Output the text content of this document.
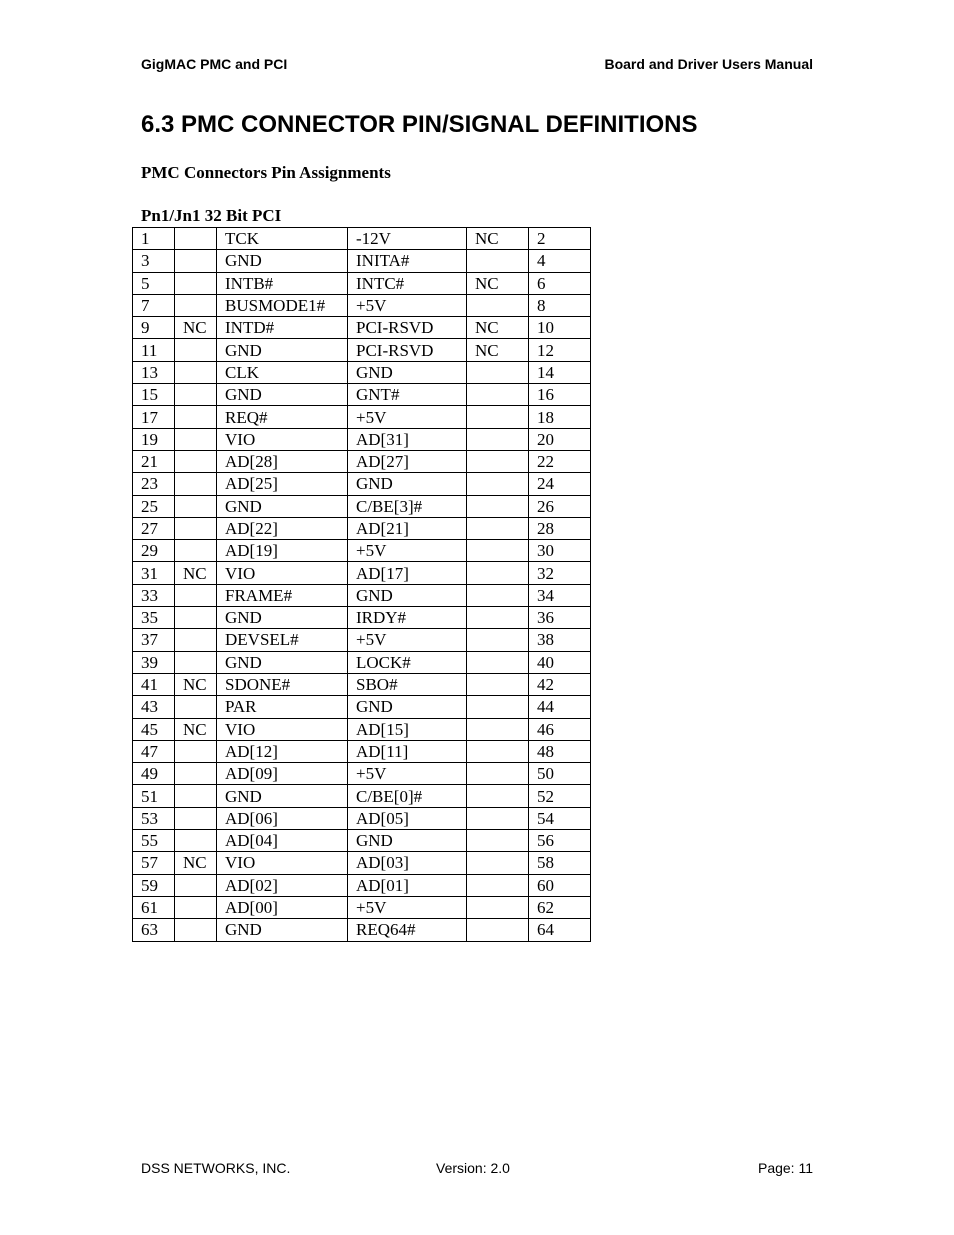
GigMAC PMC and PCI	Board and Driver Users Manual
6.3 PMC CONNECTOR PIN/SIGNAL DEFINITIONS
PMC Connectors Pin Assignments
Pn1/Jn1 32 Bit PCI
1		TCK	-12V	NC	2
3		GND	INITA#		4
5		INTB#	INTC#	NC	6
7		BUSMODE1#	+5V		8
9	NC	INTD#	PCI-RSVD	NC	10
11		GND	PCI-RSVD	NC	12
13		CLK	GND		14
15		GND	GNT#		16
17		REQ#	+5V		18
19		VIO	AD[31]		20
21		AD[28]	AD[27]		22
23		AD[25]	GND		24
25		GND	C/BE[3]#		26
27		AD[22]	AD[21]		28
29		AD[19]	+5V		30
31	NC	VIO	AD[17]		32
33		FRAME#	GND		34
35		GND	IRDY#		36
37		DEVSEL#	+5V		38
39		GND	LOCK#		40
41	NC	SDONE#	SBO#		42
43		PAR	GND		44
45	NC	VIO	AD[15]		46
47		AD[12]	AD[11]		48
49		AD[09]	+5V		50
51		GND	C/BE[0]#		52
53		AD[06]	AD[05]		54
55		AD[04]	GND		56
57	NC	VIO	AD[03]		58
59		AD[02]	AD[01]		60
61		AD[00]	+5V		62
63		GND	REQ64#		64
DSS NETWORKS, INC.	Version: 2.0	Page: 11
